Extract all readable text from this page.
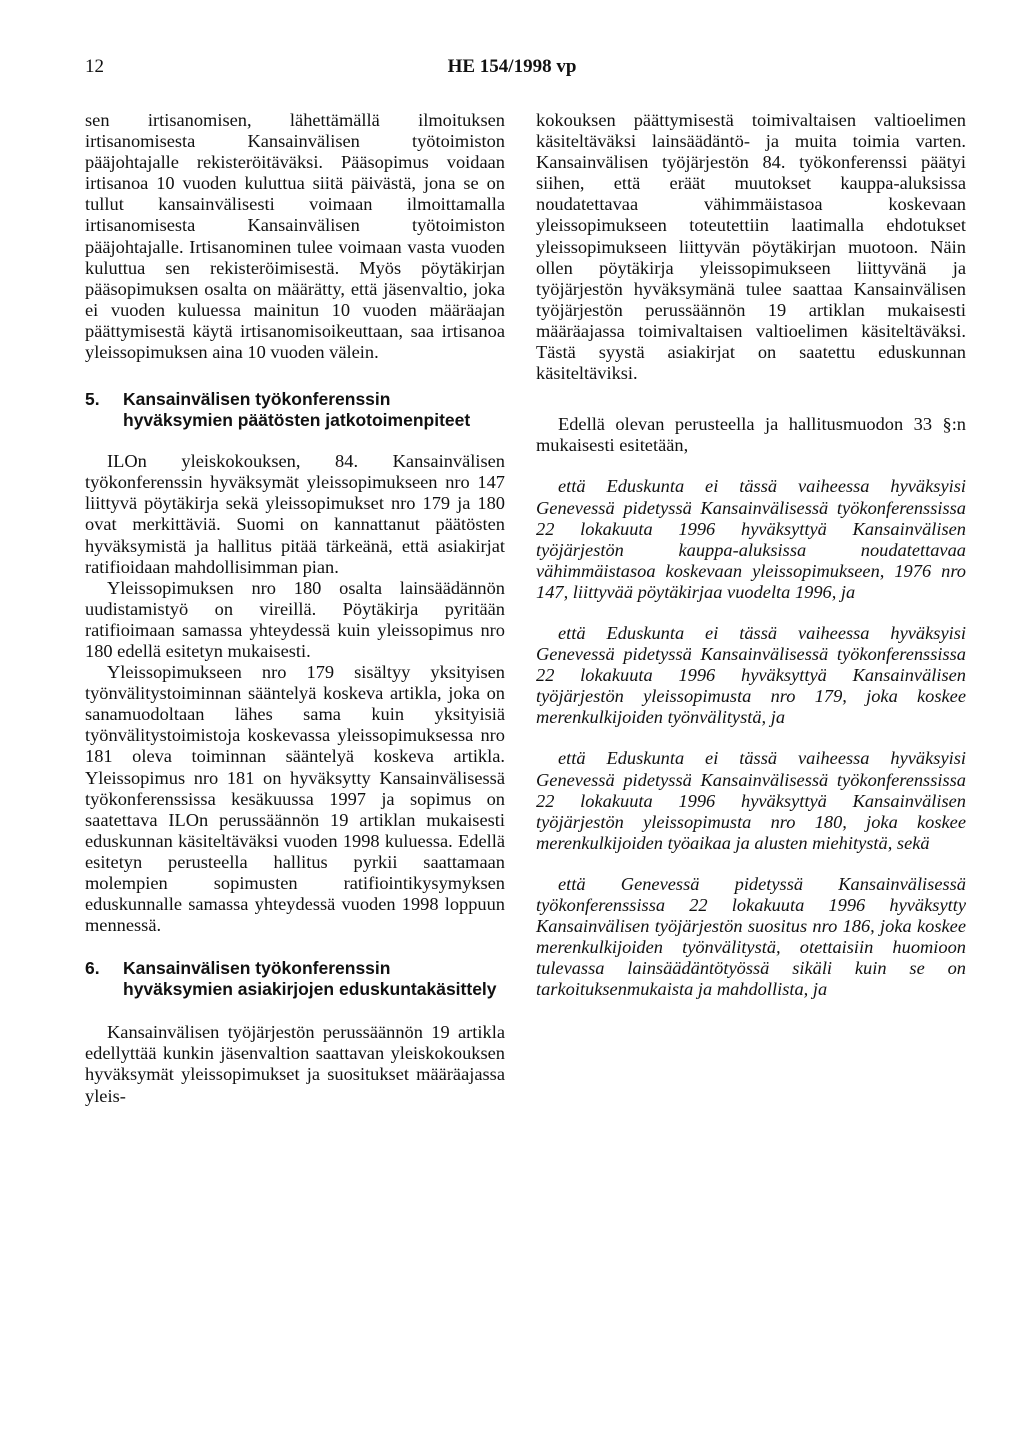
12	HE 154/1998 vp

sen irtisanomisen, lähettämällä ilmoituksen irtisanomisesta Kansainvälisen työtoimiston pääjohtajalle rekisteröitäväksi. Pääsopimus voidaan irtisanoa 10 vuoden kuluttua siitä päivästä, jona se on tullut kansainvälisesti voimaan ilmoittamalla irtisanomisesta Kansainvälisen työtoimiston pääjohtajalle. Irtisanominen tulee voimaan vasta vuoden kuluttua sen rekisteröimisestä. Myös pöytäkirjan pääsopimuksen osalta on määrätty, että jäsenvaltio, joka ei vuoden kuluessa mainitun 10 vuoden määräajan päättymisestä käytä irtisanomisoikeuttaan, saa irtisanoa yleissopimuksen aina 10 vuoden välein.

5.	Kansainvälisen työkonferenssin hyväksymien päätösten jatkotoimenpiteet

ILOn yleiskokouksen, 84. Kansainvälisen työkonferenssin hyväksymät yleissopimukseen nro 147 liittyvä pöytäkirja sekä yleissopimukset nro 179 ja 180 ovat merkittäviä. Suomi on kannattanut päätösten hyväksymistä ja hallitus pitää tärkeänä, että asiakirjat ratifioidaan mahdollisimman pian.

Yleissopimuksen nro 180 osalta lainsäädännön uudistamistyö on vireillä. Pöytäkirja pyritään ratifioimaan samassa yhteydessä kuin yleissopimus nro 180 edellä esitetyn mukaisesti.

Yleissopimukseen nro 179 sisältyy yksityisen työnvälitystoiminnan sääntelyä koskeva artikla, joka on sanamuodoltaan lähes sama kuin yksityisiä työnvälitystoimistoja koskevassa yleissopimuksessa nro 181 oleva toiminnan sääntelyä koskeva artikla. Yleissopimus nro 181 on hyväksytty Kansainvälisessä työkonferenssissa kesäkuussa 1997 ja sopimus on saatettava ILOn perussäännön 19 artiklan mukaisesti eduskunnan käsiteltäväksi vuoden 1998 kuluessa. Edellä esitetyn perusteella hallitus pyrkii saattamaan molempien sopimusten ratifiointikysymyksen eduskunnalle samassa yhteydessä vuoden 1998 loppuun mennessä.

6.	Kansainvälisen työkonferenssin hyväksymien asiakirjojen eduskuntakäsittely

Kansainvälisen työjärjestön perussäännön 19 artikla edellyttää kunkin jäsenvaltion saattavan yleiskokouksen hyväksymät yleissopimukset ja suositukset määräajassa yleis-

kokouksen päättymisestä toimivaltaisen valtioelimen käsiteltäväksi lainsäädäntö- ja muita toimia varten. Kansainvälisen työjärjestön 84. työkonferenssi päätyi siihen, että eräät muutokset kauppa-aluksissa noudatettavaa vähimmäistasoa koskevaan yleissopimukseen toteutettiin laatimalla ehdotukset yleissopimukseen liittyvän pöytäkirjan muotoon. Näin ollen pöytäkirja yleissopimukseen liittyvänä ja työjärjestön hyväksymänä tulee saattaa Kansainvälisen työjärjestön perussäännön 19 artiklan mukaisesti määräajassa toimivaltaisen valtioelimen käsiteltäväksi. Tästä syystä asiakirjat on saatettu eduskunnan käsiteltäviksi.

Edellä olevan perusteella ja hallitusmuodon 33 §:n mukaisesti esitetään,

että Eduskunta ei tässä vaiheessa hyväksyisi Genevessä pidetyssä Kansainvälisessä työkonferenssissa 22 lokakuuta 1996 hyväksyttyä Kansainvälisen työjärjestön kauppa-aluksissa noudatettavaa vähimmäistasoa koskevaan yleissopimukseen, 1976 nro 147, liittyvää pöytäkirjaa vuodelta 1996, ja

että Eduskunta ei tässä vaiheessa hyväksyisi Genevessä pidetyssä Kansainvälisessä työkonferenssissa 22 lokakuuta 1996 hyväksyttyä Kansainvälisen työjärjestön yleissopimusta nro 179, joka koskee merenkulkijoiden työnvälitystä, ja

että Eduskunta ei tässä vaiheessa hyväksyisi Genevessä pidetyssä Kansainvälisessä työkonferenssissa 22 lokakuuta 1996 hyväksyttyä Kansainvälisen työjärjestön yleissopimusta nro 180, joka koskee merenkulkijoiden työaikaa ja alusten miehitystä, sekä

että Genevessä pidetyssä Kansainvälisessä työkonferenssissa 22 lokakuuta 1996 hyväksytty Kansainvälisen työjärjestön suositus nro 186, joka koskee merenkulkijoiden työnvälitystä, otettaisiin huomioon tulevassa lainsäädäntötyössä sikäli kuin se on tarkoituksenmukaista ja mahdollista, ja
